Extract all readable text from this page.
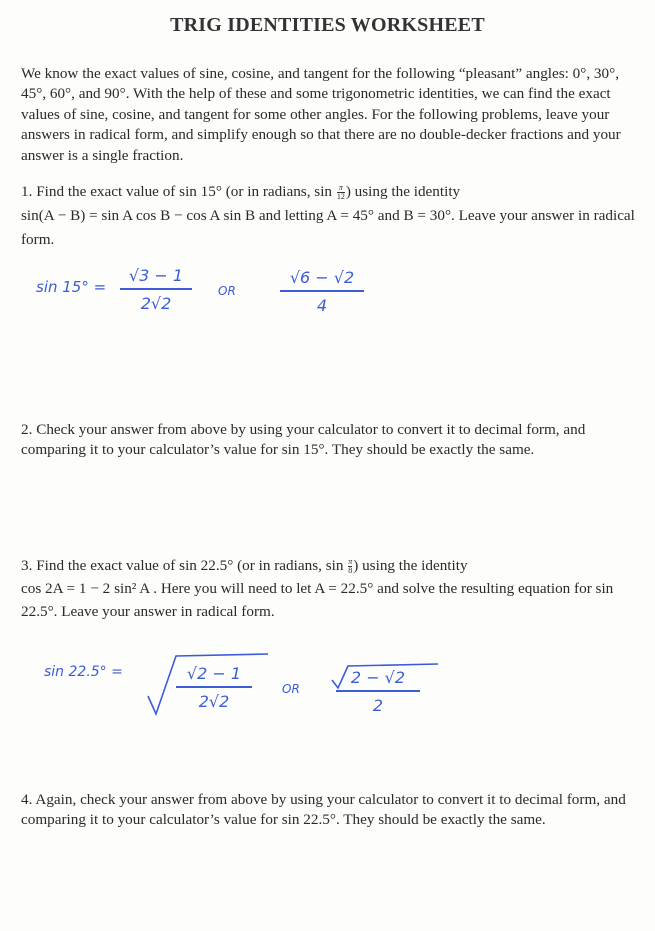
TRIG IDENTITIES WORKSHEET
We know the exact values of sine, cosine, and tangent for the following “pleasant” angles: 0°, 30°, 45°, 60°, and 90°. With the help of these and some trigonometric identities, we can find the exact values of sine, cosine, and tangent for some other angles. For the following problems, leave your answers in radical form, and simplify enough so that there are no double-decker fractions and your answer is a single fraction.
1. Find the exact value of sin 15° (or in radians, $\sin \frac{\pi}{12}$ ) using the identity
sin(A − B) = sin A cos B − cos A sin B and letting A = 45° and B = 30°. Leave your answer in radical form.
sin 15° =
√3 − 1
2√2
OR
√6 − √2
4
2. Check your answer from above by using your calculator to convert it to decimal form, and comparing it to your calculator’s value for sin 15°. They should be exactly the same.
3. Find the exact value of sin 22.5° (or in radians, $\sin \frac{\pi}{8}$ ) using the identity
cos 2A = 1 − 2 sin² A . Here you will need to let A = 22.5° and solve the resulting equation for sin 22.5°. Leave your answer in radical form.
sin 22.5° =	√2 − 1
2√2
OR
2 − √2
2
4. Again, check your answer from above by using your calculator to convert it to decimal form, and comparing it to your calculator’s value for sin 22.5°. They should be exactly the same.
